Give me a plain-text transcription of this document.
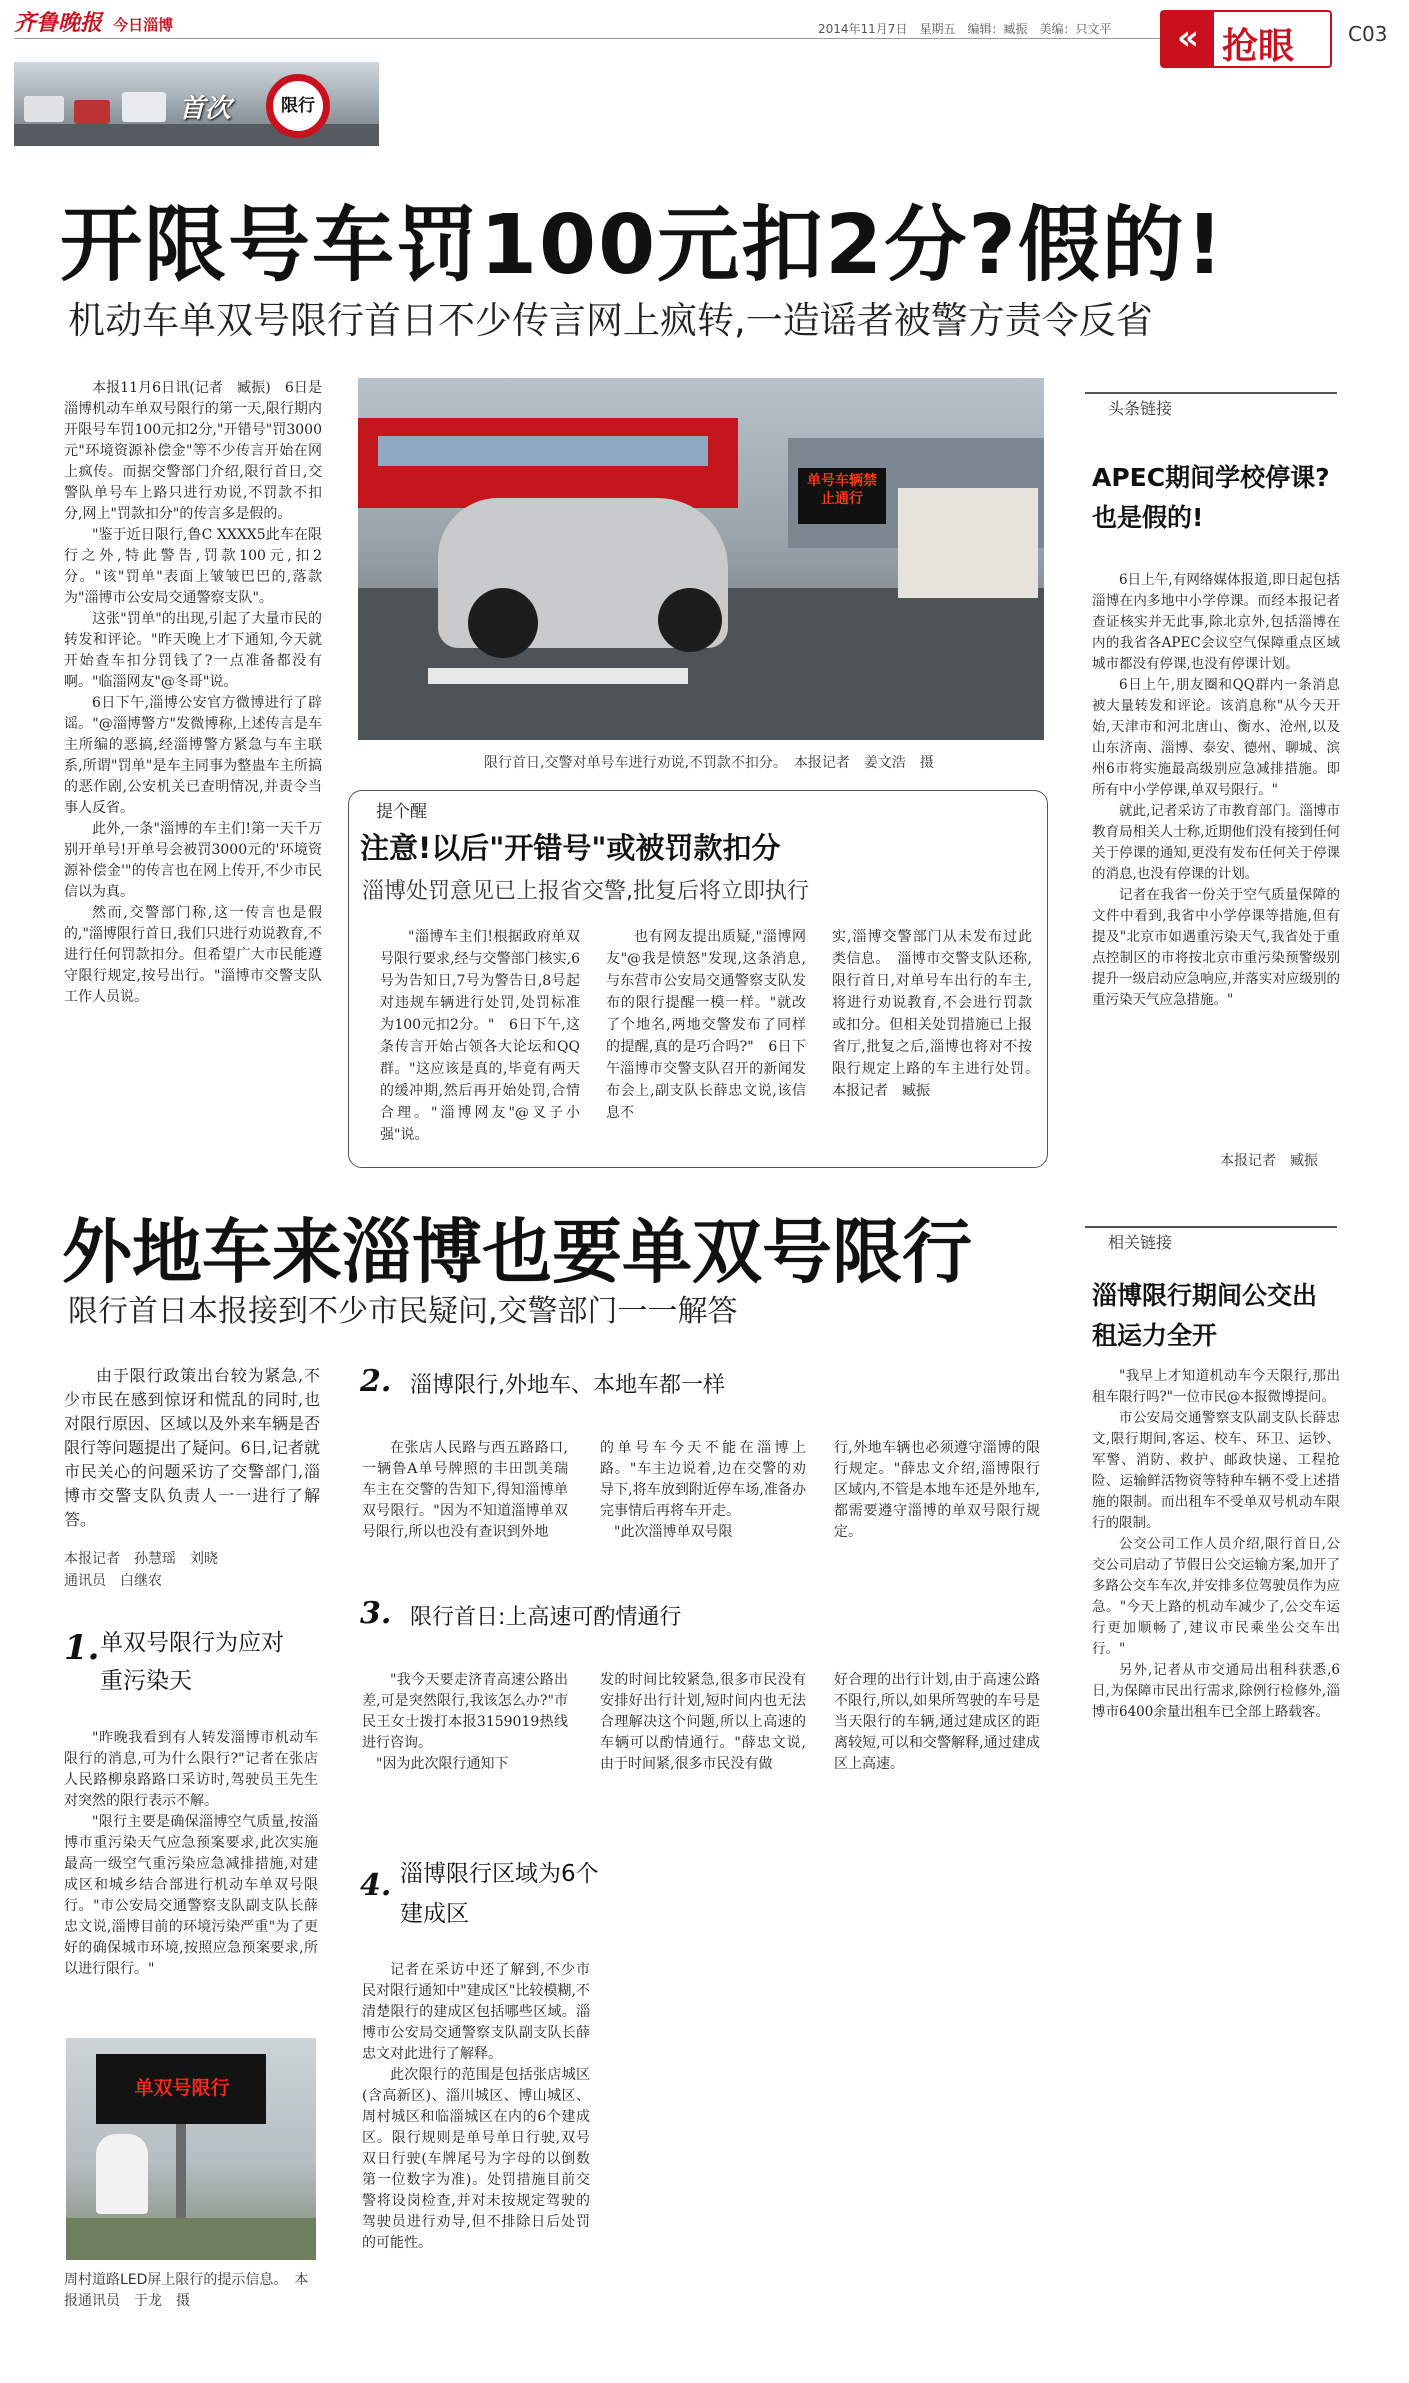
齐鲁晚报 今日淄博	2014年11月7日　星期五　编辑：臧振　美编：只文平	« 抢眼	C03
首次	限行
开限号车罚100元扣2分?假的!
机动车单双号限行首日不少传言网上疯转,一造谣者被警方责令反省

本报11月6日讯(记者　臧振)　6日是淄博机动车单双号限行的第一天,限行期内开限号车罚100元扣2分,"开错号"罚3000元"环境资源补偿金"等不少传言开始在网上疯传。而据交警部门介绍,限行首日,交警队单号车上路只进行劝说,不罚款不扣分,网上"罚款扣分"的传言多是假的。

"鉴于近日限行,鲁C XXXX5此车在限行之外,特此警告,罚款100元,扣2分。"该"罚单"表面上皱皱巴巴的,落款为"淄博市公安局交通警察支队"。

这张"罚单"的出现,引起了大量市民的转发和评论。"昨天晚上才下通知,今天就开始查车扣分罚钱了?一点准备都没有啊。"临淄网友"@冬哥"说。

6日下午,淄博公安官方微博进行了辟谣。"@淄博警方"发微博称,上述传言是车主所编的恶搞,经淄博警方紧急与车主联系,所谓"罚单"是车主同事为整蛊车主所搞的恶作剧,公安机关已查明情况,并责令当事人反省。

此外,一条"淄博的车主们!第一天千万别开单号!开单号会被罚3000元的'环境资源补偿金'"的传言也在网上传开,不少市民信以为真。

然而,交警部门称,这一传言也是假的,"淄博限行首日,我们只进行劝说教育,不进行任何罚款扣分。但希望广大市民能遵守限行规定,按号出行。"淄博市交警支队工作人员说。

单号车辆禁止通行
限行首日,交警对单号车进行劝说,不罚款不扣分。　本报记者　姜文浩　摄
提个醒
注意!以后"开错号"或被罚款扣分
淄博处罚意见已上报省交警,批复后将立即执行
"淄博车主们!根据政府单双号限行要求,经与交警部门核实,6号为告知日,7号为警告日,8号起对违规车辆进行处罚,处罚标准为100元扣2分。"　6日下午,这条传言开始占领各大论坛和QQ群。"这应该是真的,毕竟有两天的缓冲期,然后再开始处罚,合情合理。"淄博网友"@叉子小强"说。
也有网友提出质疑,"淄博网友"@我是愤怒"发现,这条消息,与东营市公安局交通警察支队发布的限行提醒一模一样。"就改了个地名,两地交警发布了同样的提醒,真的是巧合吗?"　6日下午淄博市交警支队召开的新闻发布会上,副支队长薛忠文说,该信息不
实,淄博交警部门从未发布过此类信息。　淄博市交警支队还称,限行首日,对单号车出行的车主,将进行劝说教育,不会进行罚款或扣分。但相关处罚措施已上报省厅,批复之后,淄博也将对不按限行规定上路的车主进行处罚。　本报记者　臧振
头条链接
APEC期间学校停课?也是假的!

6日上午,有网络媒体报道,即日起包括淄博在内多地中小学停课。而经本报记者查证核实并无此事,除北京外,包括淄博在内的我省各APEC会议空气保障重点区域城市都没有停课,也没有停课计划。

6日上午,朋友圈和QQ群内一条消息被大量转发和评论。该消息称"从今天开始,天津市和河北唐山、衡水、沧州,以及山东济南、淄博、泰安、德州、聊城、滨州6市将实施最高级别应急减排措施。即所有中小学停课,单双号限行。"

就此,记者采访了市教育部门。淄博市教育局相关人士称,近期他们没有接到任何关于停课的通知,更没有发布任何关于停课的消息,也没有停课的计划。

记者在我省一份关于空气质量保障的文件中看到,我省中小学停课等措施,但有提及"北京市如遇重污染天气,我省处于重点控制区的市将按北京市重污染预警级别提升一级启动应急响应,并落实对应级别的重污染天气应急措施。"

本报记者　臧振
外地车来淄博也要单双号限行
限行首日本报接到不少市民疑问,交警部门一一解答
由于限行政策出台较为紧急,不少市民在感到惊讶和慌乱的同时,也对限行原因、区域以及外来车辆是否限行等问题提出了疑问。6日,记者就市民关心的问题采访了交警部门,淄博市交警支队负责人一一进行了解答。
本报记者　孙慧瑶　刘晓
通讯员　白继农
1. 单双号限行为应对重污染天

"昨晚我看到有人转发淄博市机动车限行的消息,可为什么限行?"记者在张店人民路柳泉路路口采访时,驾驶员王先生对突然的限行表示不解。

"限行主要是确保淄博空气质量,按淄博市重污染天气应急预案要求,此次实施最高一级空气重污染应急减排措施,对建成区和城乡结合部进行机动车单双号限行。"市公安局交通警察支队副支队长薛忠文说,淄博目前的环境污染严重"为了更好的确保城市环境,按照应急预案要求,所以进行限行。"

单双号限行
周村道路LED屏上限行的提示信息。　本报通讯员　于龙　摄
2. 淄博限行,外地车、本地车都一样
在张店人民路与西五路路口,一辆鲁A单号牌照的丰田凯美瑞车主在交警的告知下,得知淄博单双号限行。"因为不知道淄博单双号限行,所以也没有查识到外地
的单号车今天不能在淄博上路。"车主边说着,边在交警的劝导下,将车放到附近停车场,准备办完事情后再将车开走。
　"此次淄博单双号限
行,外地车辆也必须遵守淄博的限行规定。"薛忠文介绍,淄博限行区域内,不管是本地车还是外地车,都需要遵守淄博的单双号限行规定。
3. 限行首日:上高速可酌情通行
"我今天要走济青高速公路出差,可是突然限行,我该怎么办?"市民王女士拨打本报3159019热线进行咨询。
　"因为此次限行通知下
发的时间比较紧急,很多市民没有安排好出行计划,短时间内也无法合理解决这个问题,所以上高速的车辆可以酌情通行。"薛忠文说,由于时间紧,很多市民没有做
好合理的出行计划,由于高速公路不限行,所以,如果所驾驶的车号是当天限行的车辆,通过建成区的距离较短,可以和交警解释,通过建成区上高速。
4. 淄博限行区域为6个建成区

记者在采访中还了解到,不少市民对限行通知中"建成区"比较模糊,不清楚限行的建成区包括哪些区域。淄博市公安局交通警察支队副支队长薛忠文对此进行了解释。

此次限行的范围是包括张店城区(含高新区)、淄川城区、博山城区、周村城区和临淄城区在内的6个建成区。限行规则是单号单日行驶,双号双日行驶(车牌尾号为字母的以倒数第一位数字为准)。处罚措施目前交警将设岗检查,并对未按规定驾驶的驾驶员进行劝导,但不排除日后处罚的可能性。

相关链接
淄博限行期间公交出租运力全开

"我早上才知道机动车今天限行,那出租车限行吗?"一位市民@本报微博提问。

市公安局交通警察支队副支队长薛忠文,限行期间,客运、校车、环卫、运钞、军警、消防、救护、邮政快递、工程抢险、运输鲜活物资等特种车辆不受上述措施的限制。而出租车不受单双号机动车限行的限制。

公交公司工作人员介绍,限行首日,公交公司启动了节假日公交运输方案,加开了多路公交车车次,并安排多位驾驶员作为应急。"今天上路的机动车减少了,公交车运行更加顺畅了,建议市民乘坐公交车出行。"

另外,记者从市交通局出租科获悉,6日,为保障市民出行需求,除例行检修外,淄博市6400余量出租车已全部上路载客。
